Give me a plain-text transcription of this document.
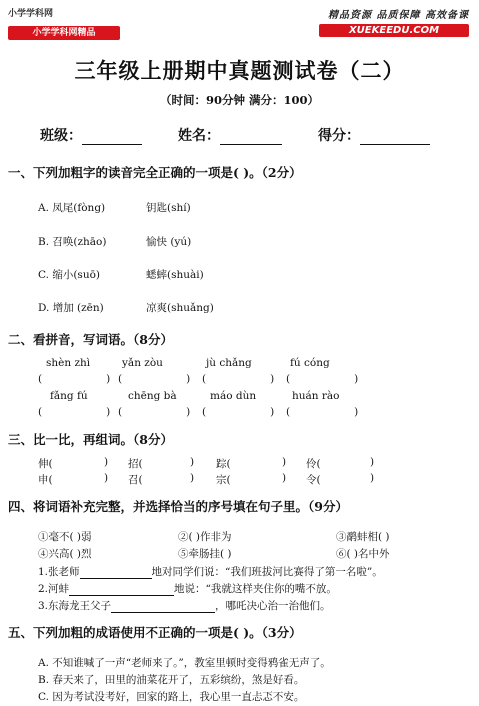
小学学科网
小学学科网精品
精品资源 品质保障 高效备课
XUEKEEDU.COM
三年级上册期中真题测试卷（二）
（时间：90分钟 满分：100）
班级：	姓名：	得分：
一、下列加粗字的读音完全正确的一项是( )。（2分）
A. 凤尾(fòng)	钥匙(shí)
B. 召唤(zhāo)	愉快 (yú)
C. 缩小(suō)	蟋蟀(shuài)
D. 增加 (zēn)	凉爽(shuǎng)
二、看拼音，写词语。（8分）
shèn zhì	yǎn zòu	jù chǎng	fú cóng
(	) (	) (	) (	)
fǎng fú	chēng bà	máo dùn	huán rào
(	) (	) (	) (	)
三、比一比，再组词。（8分）
伸(	) 招(	) 踪(	) 伶(	)
申(	) 召(	) 宗(	) 令(	)
四、将词语补充完整，并选择恰当的序号填在句子里。（9分）
①毫不( )弱	②( )作非为	③鹬蚌相( )
④兴高( )烈	⑤牵肠挂( )	⑥( )名中外
1.张老师	地对同学们说：“我们班拔河比赛得了第一名啦”。
2.河蚌	地说：“我就这样夹住你的嘴不放。
3.东海龙王父子	，哪吒决心治一治他们。
五、下列加粗的成语使用不正确的一项是( )。（3分）
A. 不知谁喊了一声“老师来了。”，教室里顿时变得鸦雀无声了。
B. 春天来了，田里的油菜花开了，五彩缤纷，煞是好看。
C. 因为考试没考好，回家的路上，我心里一直忐忑不安。
